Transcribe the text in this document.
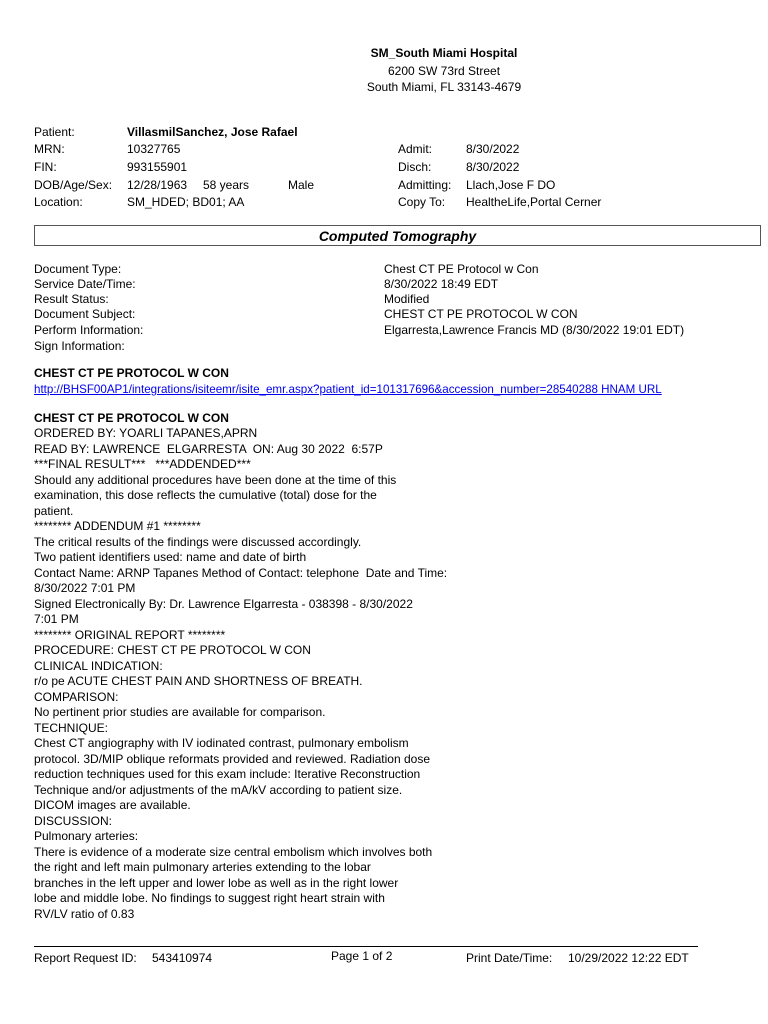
SM_South Miami Hospital
6200 SW 73rd Street
South Miami, FL 33143-4679
Patient:	VillasmilSanchez, Jose Rafael
MRN:	10327765	Admit:	8/30/2022
FIN:	993155901	Disch:	8/30/2022
DOB/Age/Sex: 12/28/1963 58 years	Male	Admitting: Llach,Jose F DO
Location:	SM_HDED; BD01; AA	Copy To: HealtheLife,Portal Cerner
Computed Tomography
Document Type:	Chest CT PE Protocol w Con
Service Date/Time:	8/30/2022 18:49 EDT
Result Status:	Modified
Document Subject:	CHEST CT PE PROTOCOL W CON
Perform Information:	Elgarresta,Lawrence Francis MD (8/30/2022 19:01 EDT)
Sign Information:
CHEST CT PE PROTOCOL W CON
http://BHSF00AP1/integrations/isiteemr/isite_emr.aspx?patient_id=101317696&accession_number=28540288 HNAM URL
CHEST CT PE PROTOCOL W CON
ORDERED BY: YOARLI TAPANES,APRN
READ BY: LAWRENCE  ELGARRESTA  ON: Aug 30 2022  6:57P
***FINAL RESULT***   ***ADDENDED***
Should any additional procedures have been done at the time of this
examination, this dose reflects the cumulative (total) dose for the
patient.
******** ADDENDUM #1 ********
The critical results of the findings were discussed accordingly.
Two patient identifiers used: name and date of birth
Contact Name: ARNP Tapanes Method of Contact: telephone  Date and Time:
8/30/2022 7:01 PM
Signed Electronically By: Dr. Lawrence Elgarresta - 038398 - 8/30/2022
7:01 PM
******** ORIGINAL REPORT ********
PROCEDURE: CHEST CT PE PROTOCOL W CON
CLINICAL INDICATION:
r/o pe ACUTE CHEST PAIN AND SHORTNESS OF BREATH.
COMPARISON:
No pertinent prior studies are available for comparison.
TECHNIQUE:
Chest CT angiography with IV iodinated contrast, pulmonary embolism
protocol. 3D/MIP oblique reformats provided and reviewed. Radiation dose
reduction techniques used for this exam include: Iterative Reconstruction
Technique and/or adjustments of the mA/kV according to patient size.
DICOM images are available.
DISCUSSION:
Pulmonary arteries:
There is evidence of a moderate size central embolism which involves both
the right and left main pulmonary arteries extending to the lobar
branches in the left upper and lower lobe as well as in the right lower
lobe and middle lobe. No findings to suggest right heart strain with
RV/LV ratio of 0.83
Report Request ID: 543410974	Page 1 of 2	Print Date/Time: 10/29/2022 12:22 EDT
